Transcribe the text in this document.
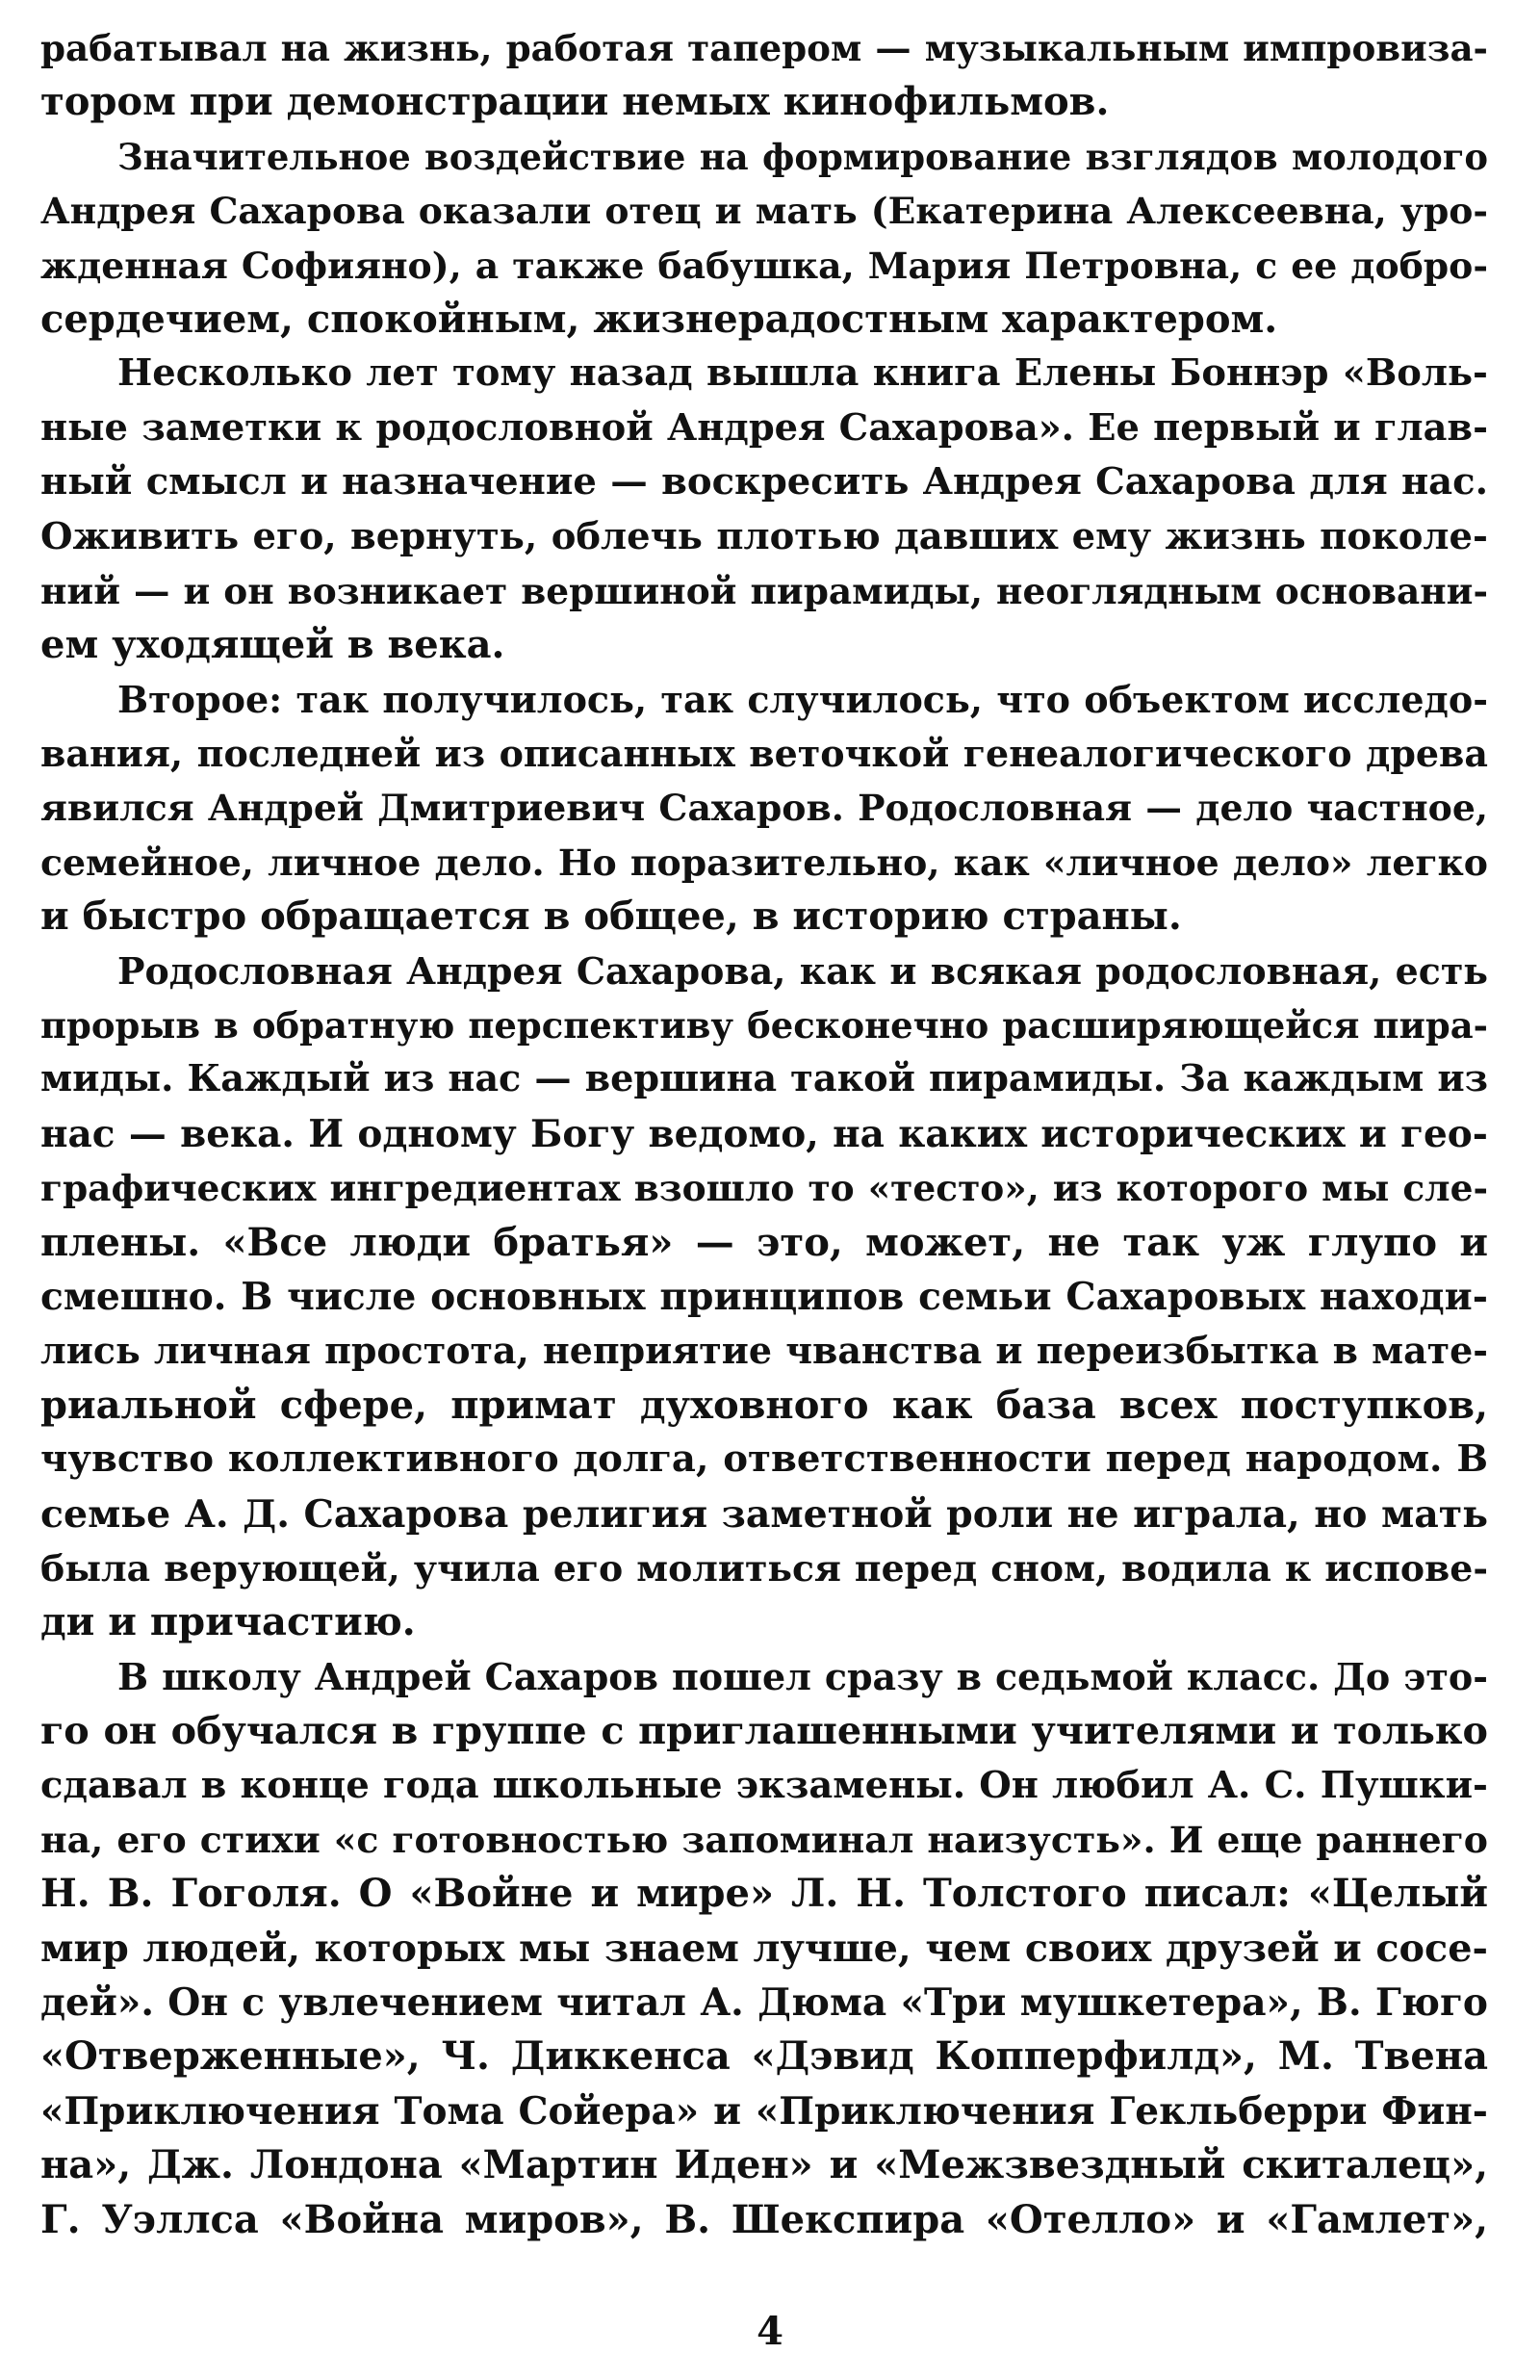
рабатывал на жизнь, работая тапером — музыкальным импровиза-
тором при демонстрации немых кинофильмов.
Значительное воздействие на формирование взглядов молодого
Андрея Сахарова оказали отец и мать (Екатерина Алексеевна, уро-
жденная Софияно), а также бабушка, Мария Петровна, с ее добро-
сердечием, спокойным, жизнерадостным характером.
Несколько лет тому назад вышла книга Елены Боннэр «Воль-
ные заметки к родословной Андрея Сахарова». Ее первый и глав-
ный смысл и назначение — воскресить Андрея Сахарова для нас.
Оживить его, вернуть, облечь плотью давших ему жизнь поколе-
ний — и он возникает вершиной пирамиды, неоглядным основани-
ем уходящей в века.
Второе: так получилось, так случилось, что объектом исследо-
вания, последней из описанных веточкой генеалогического древа
явился Андрей Дмитриевич Сахаров. Родословная — дело частное,
семейное, личное дело. Но поразительно, как «личное дело» легко
и быстро обращается в общее, в историю страны.
Родословная Андрея Сахарова, как и всякая родословная, есть
прорыв в обратную перспективу бесконечно расширяющейся пира-
миды. Каждый из нас — вершина такой пирамиды. За каждым из
нас — века. И одному Богу ведомо, на каких исторических и гео-
графических ингредиентах взошло то «тесто», из которого мы сле-
плены. «Все люди братья» — это, может, не так уж глупо и
смешно. В числе основных принципов семьи Сахаровых находи-
лись личная простота, неприятие чванства и переизбытка в мате-
риальной сфере, примат духовного как база всех поступков,
чувство коллективного долга, ответственности перед народом. В
семье А. Д. Сахарова религия заметной роли не играла, но мать
была верующей, учила его молиться перед сном, водила к испове-
ди и причастию.
В школу Андрей Сахаров пошел сразу в седьмой класс. До это-
го он обучался в группе с приглашенными учителями и только
сдавал в конце года школьные экзамены. Он любил А. С. Пушки-
на, его стихи «с готовностью запоминал наизусть». И еще раннего
Н. В. Гоголя. О «Войне и мире» Л. Н. Толстого писал: «Целый
мир людей, которых мы знаем лучше, чем своих друзей и сосе-
дей». Он с увлечением читал А. Дюма «Три мушкетера», В. Гюго
«Отверженные», Ч. Диккенса «Дэвид Копперфилд», М. Твена
«Приключения Тома Сойера» и «Приключения Гекльберри Фин-
на», Дж. Лондона «Мартин Иден» и «Межзвездный скиталец»,
Г. Уэллса «Война миров», В. Шекспира «Отелло» и «Гамлет»,
4
